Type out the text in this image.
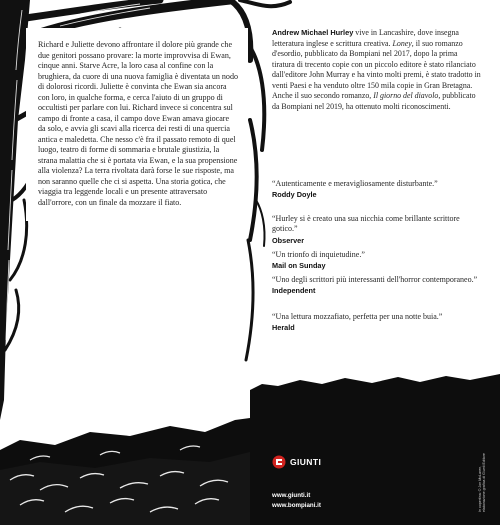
Richard e Juliette devono affrontare il dolore più grande che due genitori possano provare: la morte improvvisa di Ewan, cinque anni. Starve Acre, la loro casa al confine con la brughiera, da cuore di una nuova famiglia è diventata un nodo di dolorosi ricordi. Juliette è convinta che Ewan sia ancora con loro, in qualche forma, e cerca l'aiuto di un gruppo di occultisti per parlare con lui. Richard invece si concentra sul campo di fronte a casa, il campo dove Ewan amava giocare da solo, e avvia gli scavi alla ricerca dei resti di una quercia antica e maledetta. Che nesso c'è fra il passato remoto di quel luogo, teatro di forme di sommaria e brutale giustizia, la strana malattia che si è portata via Ewan, e la sua propensione alla violenza? La terra rivoltata darà forse le sue risposte, ma non saranno quelle che ci si aspetta. Una storia gotica, che viaggia tra leggende locali e un presente attraversato dall'orrore, con un finale da mozzare il fiato.

Andrew Michael Hurley vive in Lancashire, dove insegna letteratura inglese e scrittura creativa. Loney, il suo romanzo d'esordio, pubblicato da Bompiani nel 2017, dopo la prima tiratura di trecento copie con un piccolo editore è stato rilanciato dall'editore John Murray e ha vinto molti premi, è stato tradotto in venti Paesi e ha venduto oltre 150 mila copie in Gran Bretagna. Anche il suo secondo romanzo, Il giorno del diavolo, pubblicato da Bompiani nel 2019, ha ottenuto molti riconoscimenti.
“Autenticamente e meravigliosamente disturbante.”
Roddy Doyle
“Hurley si è creato una sua nicchia come brillante scrittore gotico.”
Observer
“Un trionfo di inquietudine.”
Mail on Sunday
“Uno degli scrittori più interessanti dell'horror contemporaneo.”
Independent
“Una lettura mozzafiato, perfetta per una notte buia.”
Herald
GIUNTI
www.giunti.it
www.bompiani.it	In copertina: © Jon McLaren, elaborazione grafica di Giunti Editore
